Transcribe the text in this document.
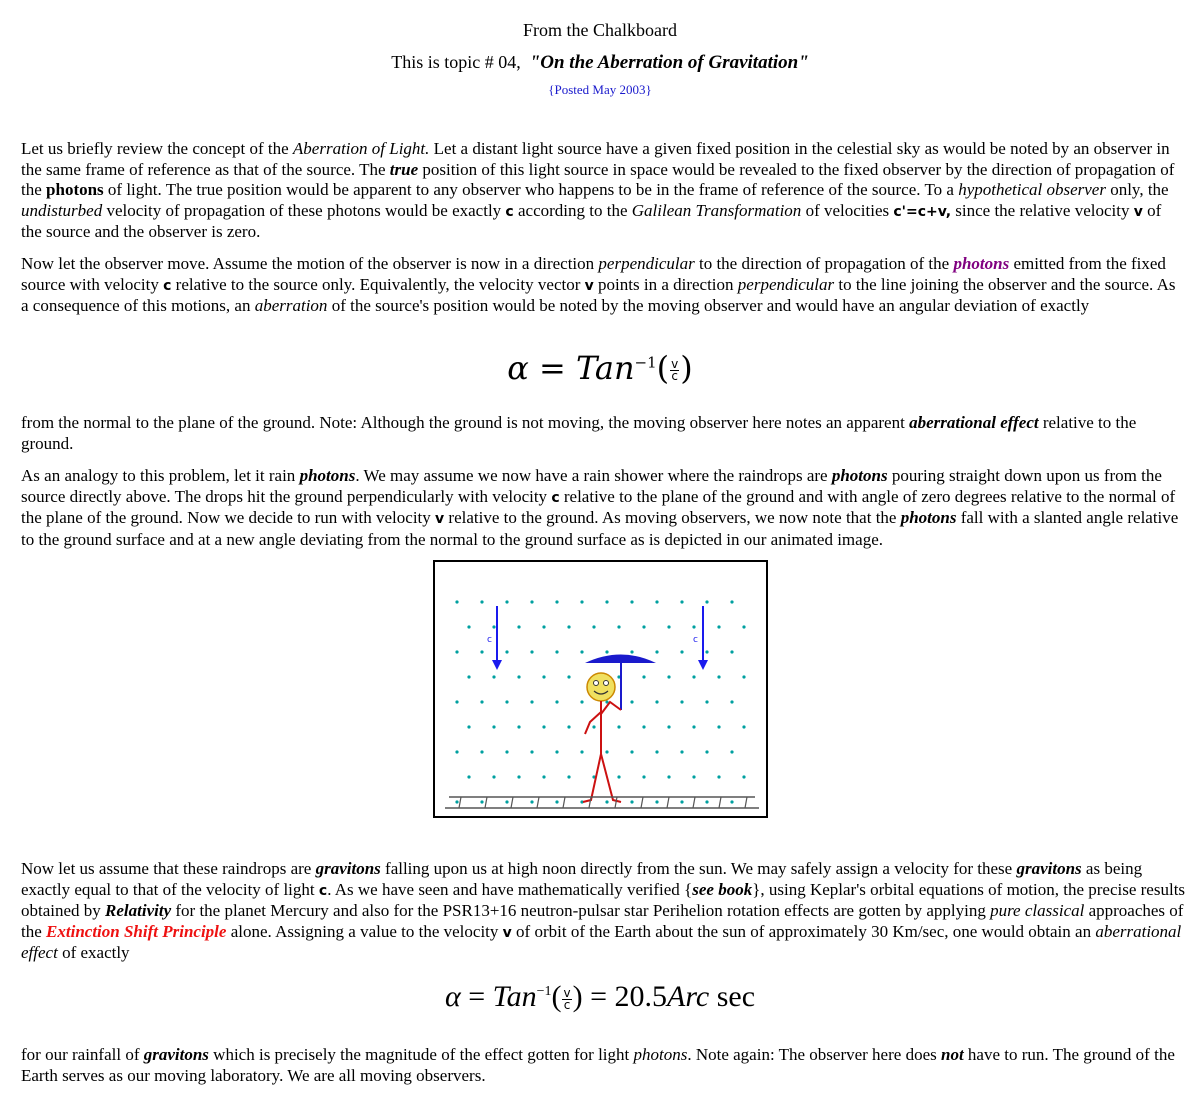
From the Chalkboard
This is topic # 04, "On the Aberration of Gravitation"
{Posted May 2003}

Let us briefly review the concept of the Aberration of Light. Let a distant light source have a given fixed position in the celestial sky as would be noted by an observer in the same frame of reference as that of the source. The true position of this light source in space would be revealed to the fixed observer by the direction of propagation of the photons of light. The true position would be apparent to any observer who happens to be in the frame of reference of the source. To a hypothetical observer only, the undisturbed velocity of propagation of these photons would be exactly c according to the Galilean Transformation of velocities c'=c+v, since the relative velocity v of the source and the observer is zero.

Now let the observer move. Assume the motion of the observer is now in a direction perpendicular to the direction of propagation of the photons emitted from the fixed source with velocity c relative to the source only. Equivalently, the velocity vector v points in a direction perpendicular to the line joining the observer and the source. As a consequence of this motions, an aberration of the source's position would be noted by the moving observer and would have an angular deviation of exactly

$\alpha = Tan^{-1}( \frac{v}{c}$ )

from the normal to the plane of the ground. Note: Although the ground is not moving, the moving observer here notes an apparent aberrational effect relative to the ground.

As an analogy to this problem, let it rain photons. We may assume we now have a rain shower where the raindrops are photons pouring straight down upon us from the source directly above. The drops hit the ground perpendicularly with velocity c relative to the plane of the ground and with angle of zero degrees relative to the normal of the plane of the ground. Now we decide to run with velocity v relative to the ground. As moving observers, we now note that the photons fall with a slanted angle relative to the ground surface and at a new angle deviating from the normal to the ground surface as is depicted in our animated image.

c	c

Now let us assume that these raindrops are gravitons falling upon us at high noon directly from the sun. We may safely assign a velocity for these gravitons as being exactly equal to that of the velocity of light c. As we have seen and have mathematically verified {see book}, using Keplar's orbital equations of motion, the precise results obtained by Relativity for the planet Mercury and also for the PSR13+16 neutron-pulsar star Perihelion rotation effects are gotten by applying pure classical approaches of the Extinction Shift Principle alone. Assigning a value to the velocity v of orbit of the Earth about the sun of approximately 30 Km/sec, one would obtain an aberrational effect of exactly

$\alpha = Tan^{-1}( \frac{v}{c}$ ) = 20.5Arc sec

for our rainfall of gravitons which is precisely the magnitude of the effect gotten for light photons. Note again: The observer here does not have to run. The ground of the Earth serves as our moving laboratory. We are all moving observers.
